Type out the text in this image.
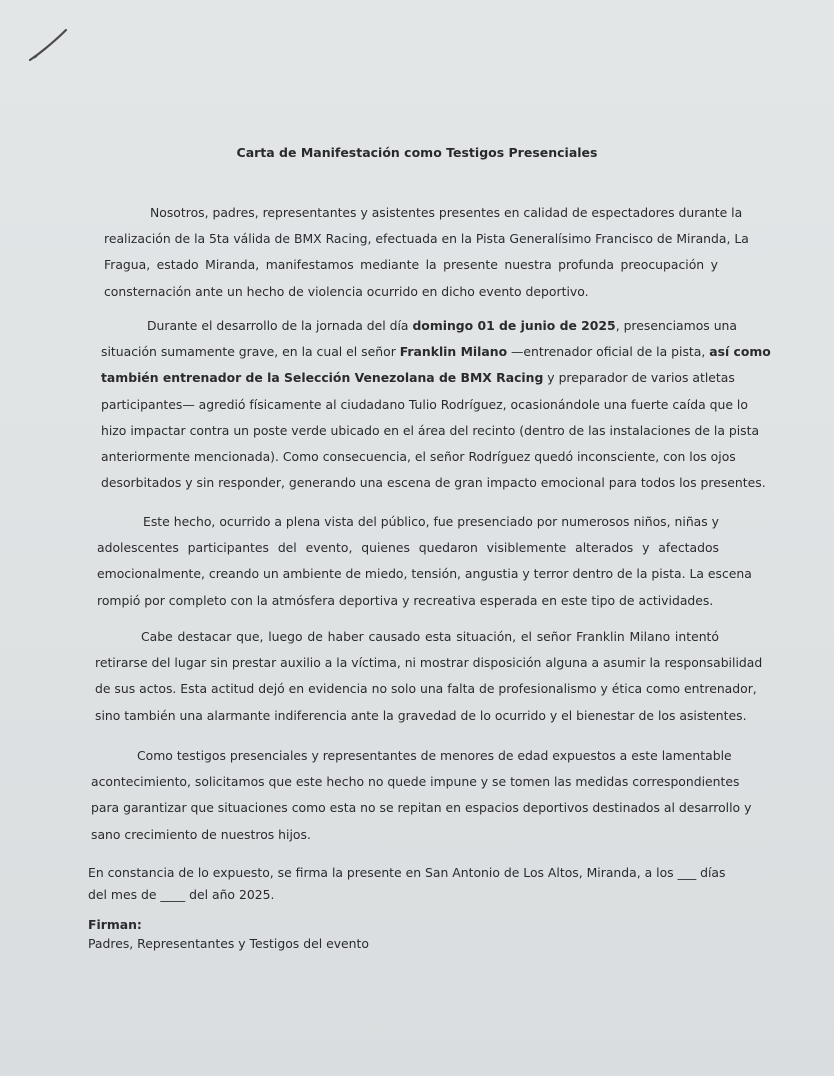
Carta de Manifestación como Testigos Presenciales

Nosotros, padres, representantes y asistentes presentes en calidad de espectadores durante la
realización de la 5ta válida de BMX Racing, efectuada en la Pista Generalísimo Francisco de Miranda, La
Fragua, estado Miranda, manifestamos mediante la presente nuestra profunda preocupación y
consternación ante un hecho de violencia ocurrido en dicho evento deportivo.

Durante el desarrollo de la jornada del día domingo 01 de junio de 2025, presenciamos una
situación sumamente grave, en la cual el señor Franklin Milano —entrenador oficial de la pista, así como
también entrenador de la Selección Venezolana de BMX Racing y preparador de varios atletas
participantes— agredió físicamente al ciudadano Tulio Rodríguez, ocasionándole una fuerte caída que lo
hizo impactar contra un poste verde ubicado en el área del recinto (dentro de las instalaciones de la pista
anteriormente mencionada). Como consecuencia, el señor Rodríguez quedó inconsciente, con los ojos
desorbitados y sin responder, generando una escena de gran impacto emocional para todos los presentes.

Este hecho, ocurrido a plena vista del público, fue presenciado por numerosos niños, niñas y
adolescentes participantes del evento, quienes quedaron visiblemente alterados y afectados
emocionalmente, creando un ambiente de miedo, tensión, angustia y terror dentro de la pista. La escena
rompió por completo con la atmósfera deportiva y recreativa esperada en este tipo de actividades.

Cabe destacar que, luego de haber causado esta situación, el señor Franklin Milano intentó
retirarse del lugar sin prestar auxilio a la víctima, ni mostrar disposición alguna a asumir la responsabilidad
de sus actos. Esta actitud dejó en evidencia no solo una falta de profesionalismo y ética como entrenador,
sino también una alarmante indiferencia ante la gravedad de lo ocurrido y el bienestar de los asistentes.

Como testigos presenciales y representantes de menores de edad expuestos a este lamentable
acontecimiento, solicitamos que este hecho no quede impune y se tomen las medidas correspondientes
para garantizar que situaciones como esta no se repitan en espacios deportivos destinados al desarrollo y
sano crecimiento de nuestros hijos.

En constancia de lo expuesto, se firma la presente en San Antonio de Los Altos, Miranda, a los ___ días
del mes de ____ del año 2025.

Firman:
Padres, Representantes y Testigos del evento
